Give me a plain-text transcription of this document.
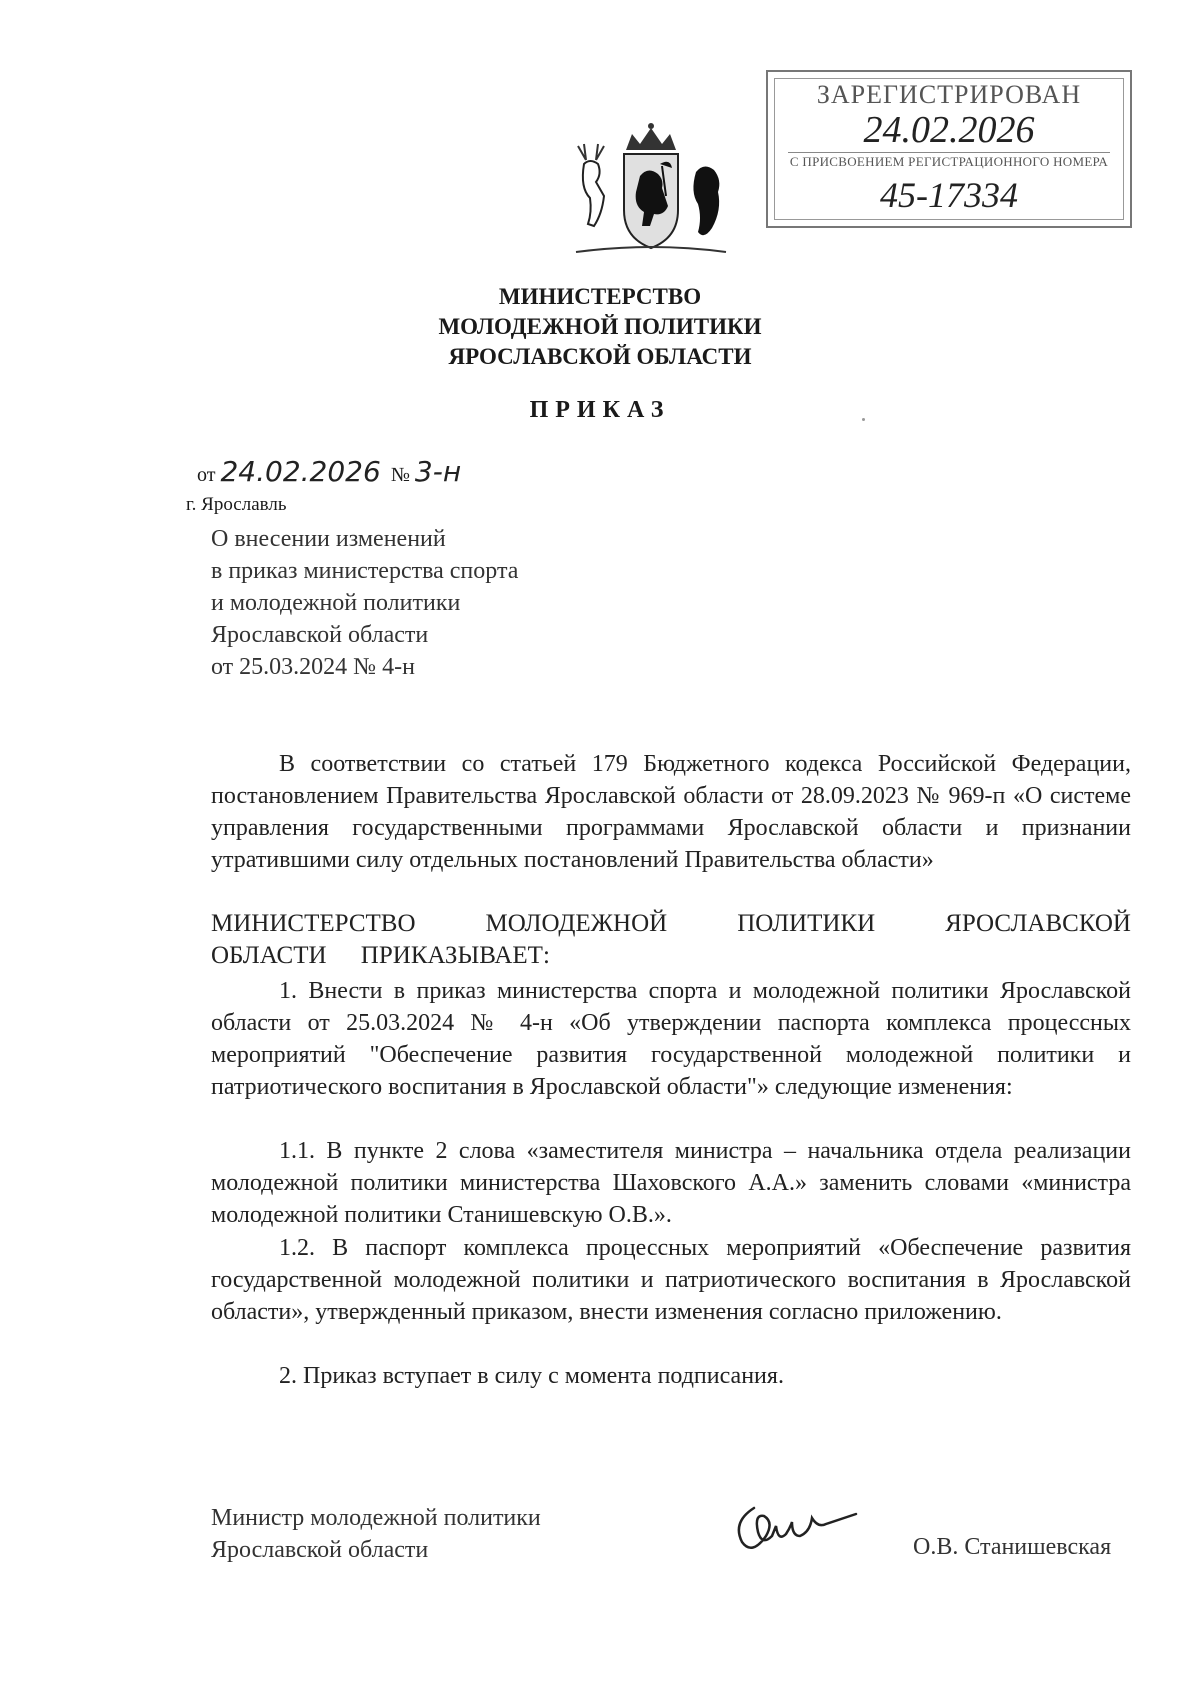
ЗАРЕГИСТРИРОВАН
24.02.2026
С ПРИСВОЕНИЕМ РЕГИСТРАЦИОННОГО НОМЕРА
45-17334
МИНИСТЕРСТВО
МОЛОДЕЖНОЙ ПОЛИТИКИ
ЯРОСЛАВСКОЙ ОБЛАСТИ
ПРИКАЗ
от 24.02.2026 № 3-н
г. Ярославль
О внесении изменений
в приказ министерства спорта
и молодежной политики
Ярославской области
от 25.03.2024 № 4-н
В соответствии со статьей 179 Бюджетного кодекса Российской Федерации, постановлением Правительства Ярославской области от 28.09.2023 № 969-п «О системе управления государственными программами Ярославской области и признании утратившими силу отдельных постановлений Правительства области»
МИНИСТЕРСТВО МОЛОДЕЖНОЙ ПОЛИТИКИ ЯРОСЛАВСКОЙ ОБЛАСТИ ПРИКАЗЫВАЕТ:
1. Внести в приказ министерства спорта и молодежной политики Ярославской области от 25.03.2024 № 4-н «Об утверждении паспорта комплекса процессных мероприятий "Обеспечение развития государственной молодежной политики и патриотического воспитания в Ярославской области"» следующие изменения:
1.1. В пункте 2 слова «заместителя министра – начальника отдела реализации молодежной политики министерства Шаховского А.А.» заменить словами «министра молодежной политики Станишевскую О.В.».
1.2. В паспорт комплекса процессных мероприятий «Обеспечение развития государственной молодежной политики и патриотического воспитания в Ярославской области», утвержденный приказом, внести изменения согласно приложению.
2. Приказ вступает в силу с момента подписания.
Министр молодежной политики
Ярославской области	О.В. Станишевская
